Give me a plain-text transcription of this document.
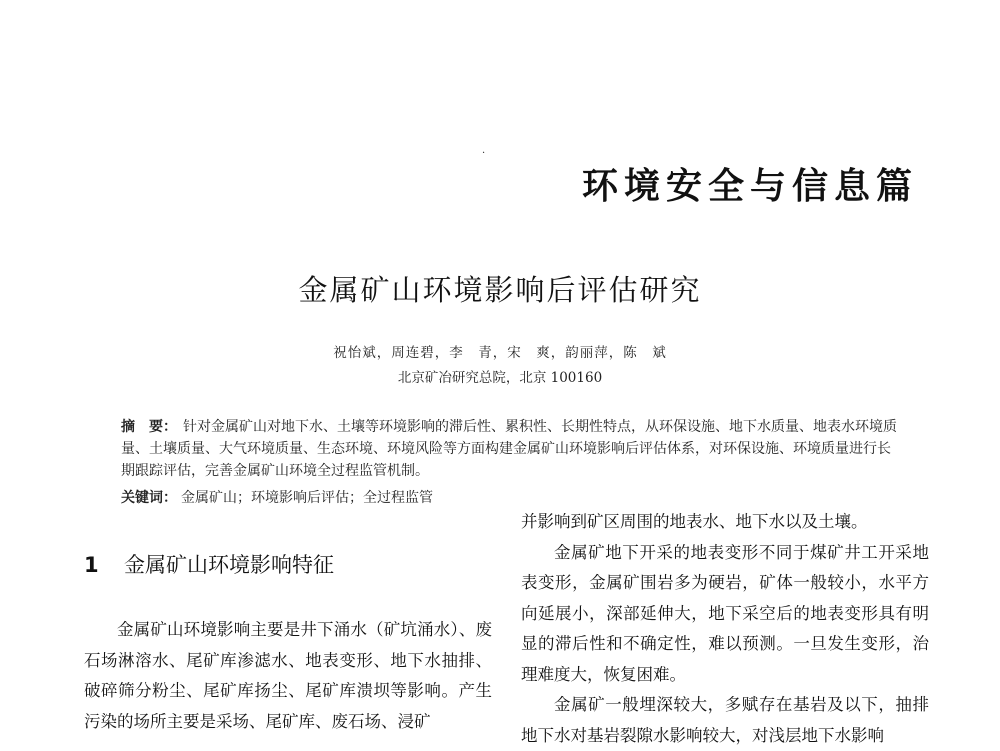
·
环境安全与信息篇
金属矿山环境影响后评估研究
祝怡斌，周连碧，李　青，宋　爽，韵丽萍，陈　斌
北京矿冶研究总院，北京 100160
摘　要： 针对金属矿山对地下水、土壤等环境影响的滞后性、累积性、长期性特点，从环保设施、地下水质量、地表水环境质量、土壤质量、大气环境质量、生态环境、环境风险等方面构建金属矿山环境影响后评估体系，对环保设施、环境质量进行长期跟踪评估，完善金属矿山环境全过程监管机制。
关键词： 金属矿山；环境影响后评估；全过程监管
1 金属矿山环境影响特征

金属矿山环境影响主要是井下涌水（矿坑涌水）、废石场淋溶水、尾矿库渗滤水、地表变形、地下水抽排、破碎筛分粉尘、尾矿库扬尘、尾矿库溃坝等影响。产生污染的场所主要是采场、尾矿库、废石场、浸矿

并影响到矿区周围的地表水、地下水以及土壤。

金属矿地下开采的地表变形不同于煤矿井工开采地表变形，金属矿围岩多为硬岩，矿体一般较小，水平方向延展小，深部延伸大，地下采空后的地表变形具有明显的滞后性和不确定性，难以预测。一旦发生变形，治理难度大，恢复困难。

金属矿一般埋深较大，多赋存在基岩及以下，抽排地下水对基岩裂隙水影响较大，对浅层地下水影响
